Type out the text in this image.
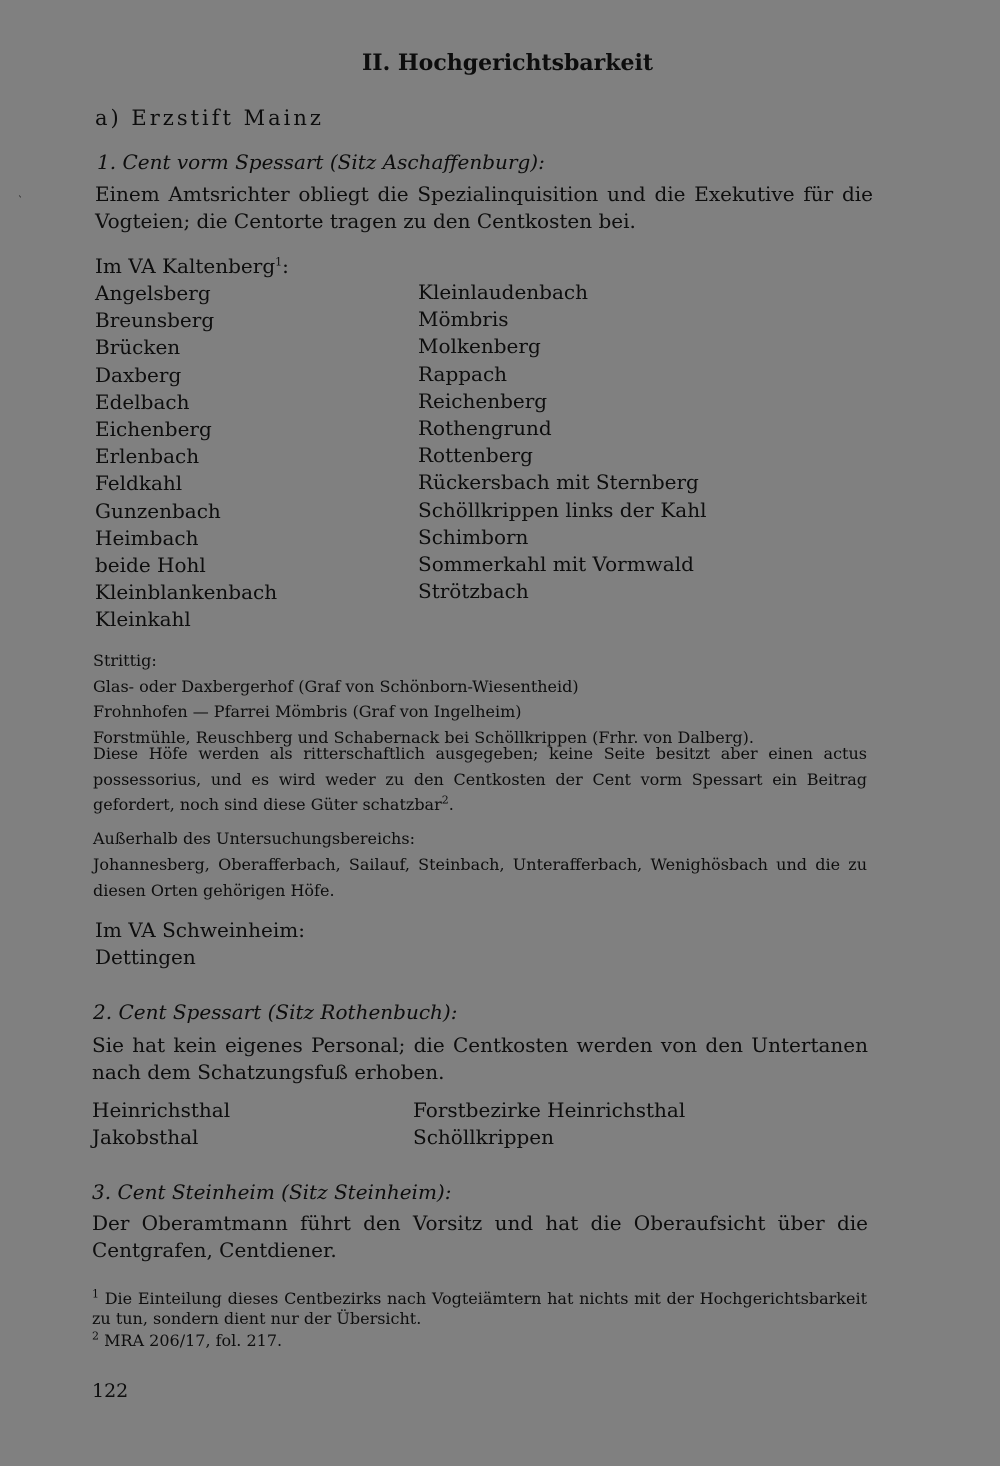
`
II. Hochgerichtsbarkeit
a) Erzstift Mainz
1. Cent vorm Spessart (Sitz Aschaffenburg):
Einem Amtsrichter obliegt die Spezialinquisition und die Exekutive für die Vogteien; die Centorte tragen zu den Centkosten bei.
Im VA Kaltenberg$^1$:
Angelsberg
Breunsberg
Brücken
Daxberg
Edelbach
Eichenberg
Erlenbach
Feldkahl
Gunzenbach
Heimbach
beide Hohl
Kleinblankenbach
Kleinkahl
Kleinlaudenbach
Mömbris
Molkenberg
Rappach
Reichenberg
Rothengrund
Rottenberg
Rückersbach mit Sternberg
Schöllkrippen links der Kahl
Schimborn
Sommerkahl mit Vormwald
Strötzbach
Strittig:
Glas- oder Daxbergerhof (Graf von Schönborn-Wiesentheid)
Frohnhofen — Pfarrei Mömbris (Graf von Ingelheim)
Forstmühle, Reuschberg und Schabernack bei Schöllkrippen (Frhr. von Dalberg).
Diese Höfe werden als ritterschaftlich ausgegeben; keine Seite besitzt aber einen actus possessorius, und es wird weder zu den Centkosten der Cent vorm Spessart ein Beitrag gefordert, noch sind diese Güter schatzbar$^2$.
Außerhalb des Untersuchungsbereichs:
Johannesberg, Oberafferbach, Sailauf, Steinbach, Unterafferbach, Wenighösbach und die zu diesen Orten gehörigen Höfe.
Im VA Schweinheim:
Dettingen
2. Cent Spessart (Sitz Rothenbuch):
Sie hat kein eigenes Personal; die Centkosten werden von den Untertanen nach dem Schatzungsfuß erhoben.
Heinrichsthal
Jakobsthal
Forstbezirke Heinrichsthal
Schöllkrippen
3. Cent Steinheim (Sitz Steinheim):
Der Oberamtmann führt den Vorsitz und hat die Oberaufsicht über die Centgrafen, Centdiener.
$^1$ Die Einteilung dieses Centbezirks nach Vogteiämtern hat nichts mit der Hochgerichtsbarkeit zu tun, sondern dient nur der Übersicht.
$^2$ MRA 206/17, fol. 217.
122
